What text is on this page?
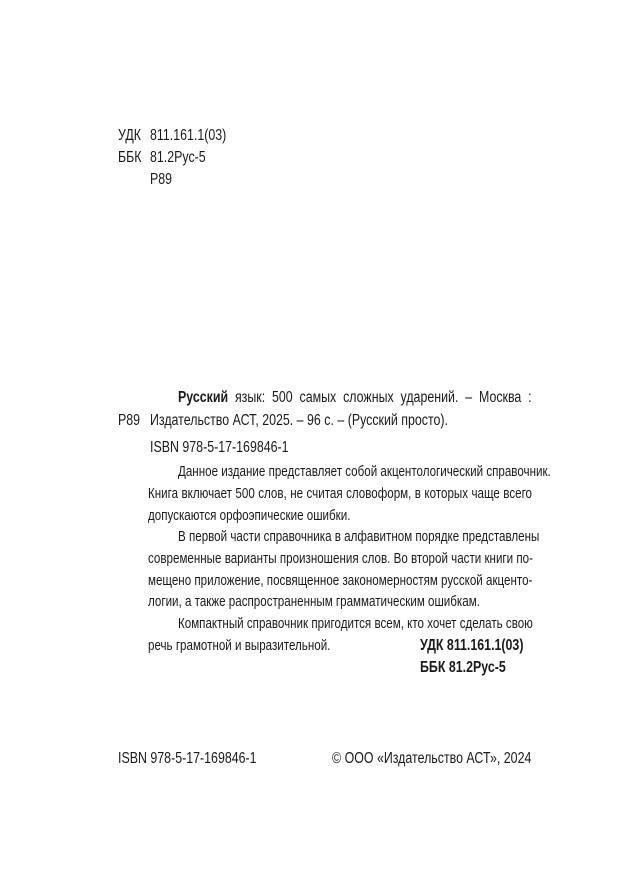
УДК 811.161.1(03)
ББК 81.2Рус-5
Р89
Русский язык: 500 самых сложных ударений. – Москва :
Р89 Издательство АСТ, 2025. – 96 с. – (Русский просто).
ISBN 978-5-17-169846-1
Данное издание представляет собой акцентологический справочник.
Книга включает 500 слов, не считая словоформ, в которых чаще всего
допускаются орфоэпические ошибки.
В первой части справочника в алфавитном порядке представлены
современные варианты произношения слов. Во второй части книги по-
мещено приложение, посвященное закономерностям русской акценто-
логии, а также распространенным грамматическим ошибкам.
Компактный справочник пригодится всем, кто хочет сделать свою
речь грамотной и выразительной.	УДК 811.161.1(03)
ББК 81.2Рус-5
ISBN 978-5-17-169846-1	© ООО «Издательство АСТ», 2024
